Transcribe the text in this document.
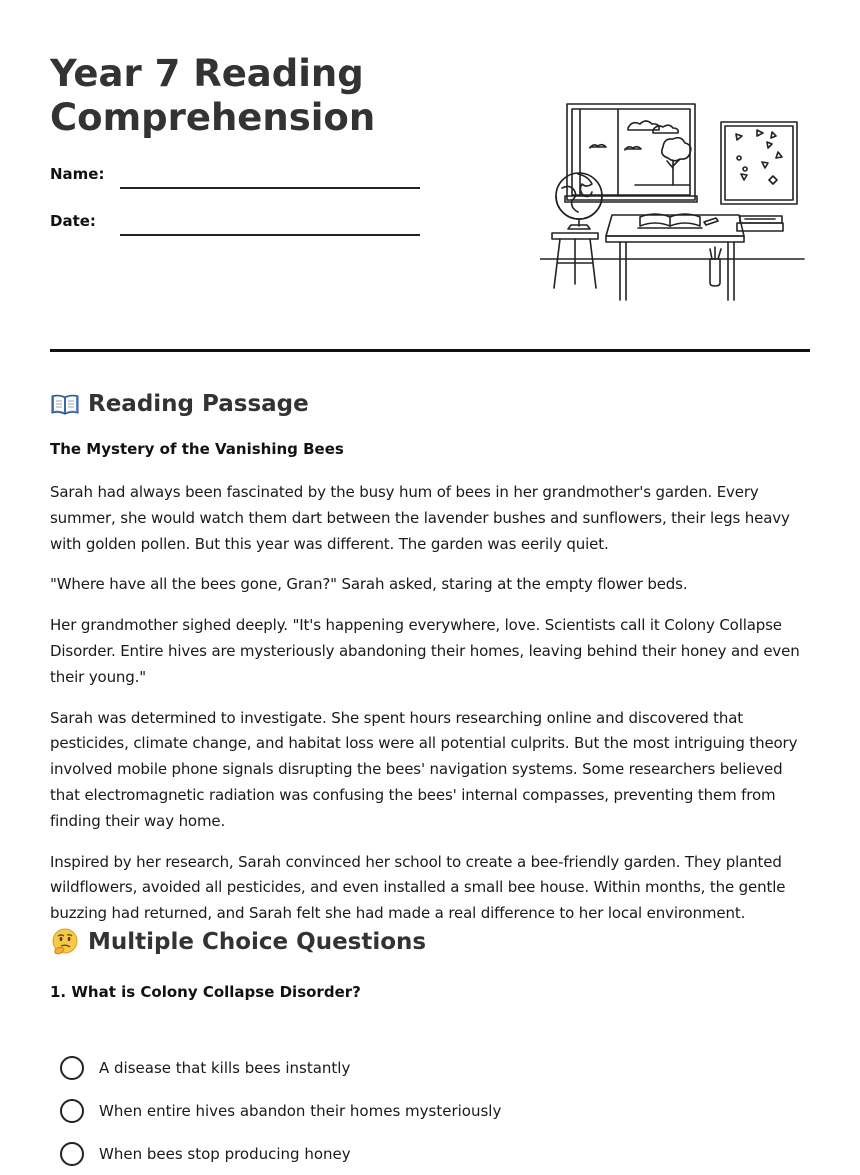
Year 7 Reading Comprehension
Name:
Date:
Reading Passage
The Mystery of the Vanishing Bees

Sarah had always been fascinated by the busy hum of bees in her grandmother's garden. Every summer, she would watch them dart between the lavender bushes and sunflowers, their legs heavy with golden pollen. But this year was different. The garden was eerily quiet.

"Where have all the bees gone, Gran?" Sarah asked, staring at the empty flower beds.

Her grandmother sighed deeply. "It's happening everywhere, love. Scientists call it Colony Collapse Disorder. Entire hives are mysteriously abandoning their homes, leaving behind their honey and even their young."

Sarah was determined to investigate. She spent hours researching online and discovered that pesticides, climate change, and habitat loss were all potential culprits. But the most intriguing theory involved mobile phone signals disrupting the bees' navigation systems. Some researchers believed that electromagnetic radiation was confusing the bees' internal compasses, preventing them from finding their way home.

Inspired by her research, Sarah convinced her school to create a bee-friendly garden. They planted wildflowers, avoided all pesticides, and even installed a small bee house. Within months, the gentle buzzing had returned, and Sarah felt she had made a real difference to her local environment.

Multiple Choice Questions
1. What is Colony Collapse Disorder?
A disease that kills bees instantly
When entire hives abandon their homes mysteriously
When bees stop producing honey
